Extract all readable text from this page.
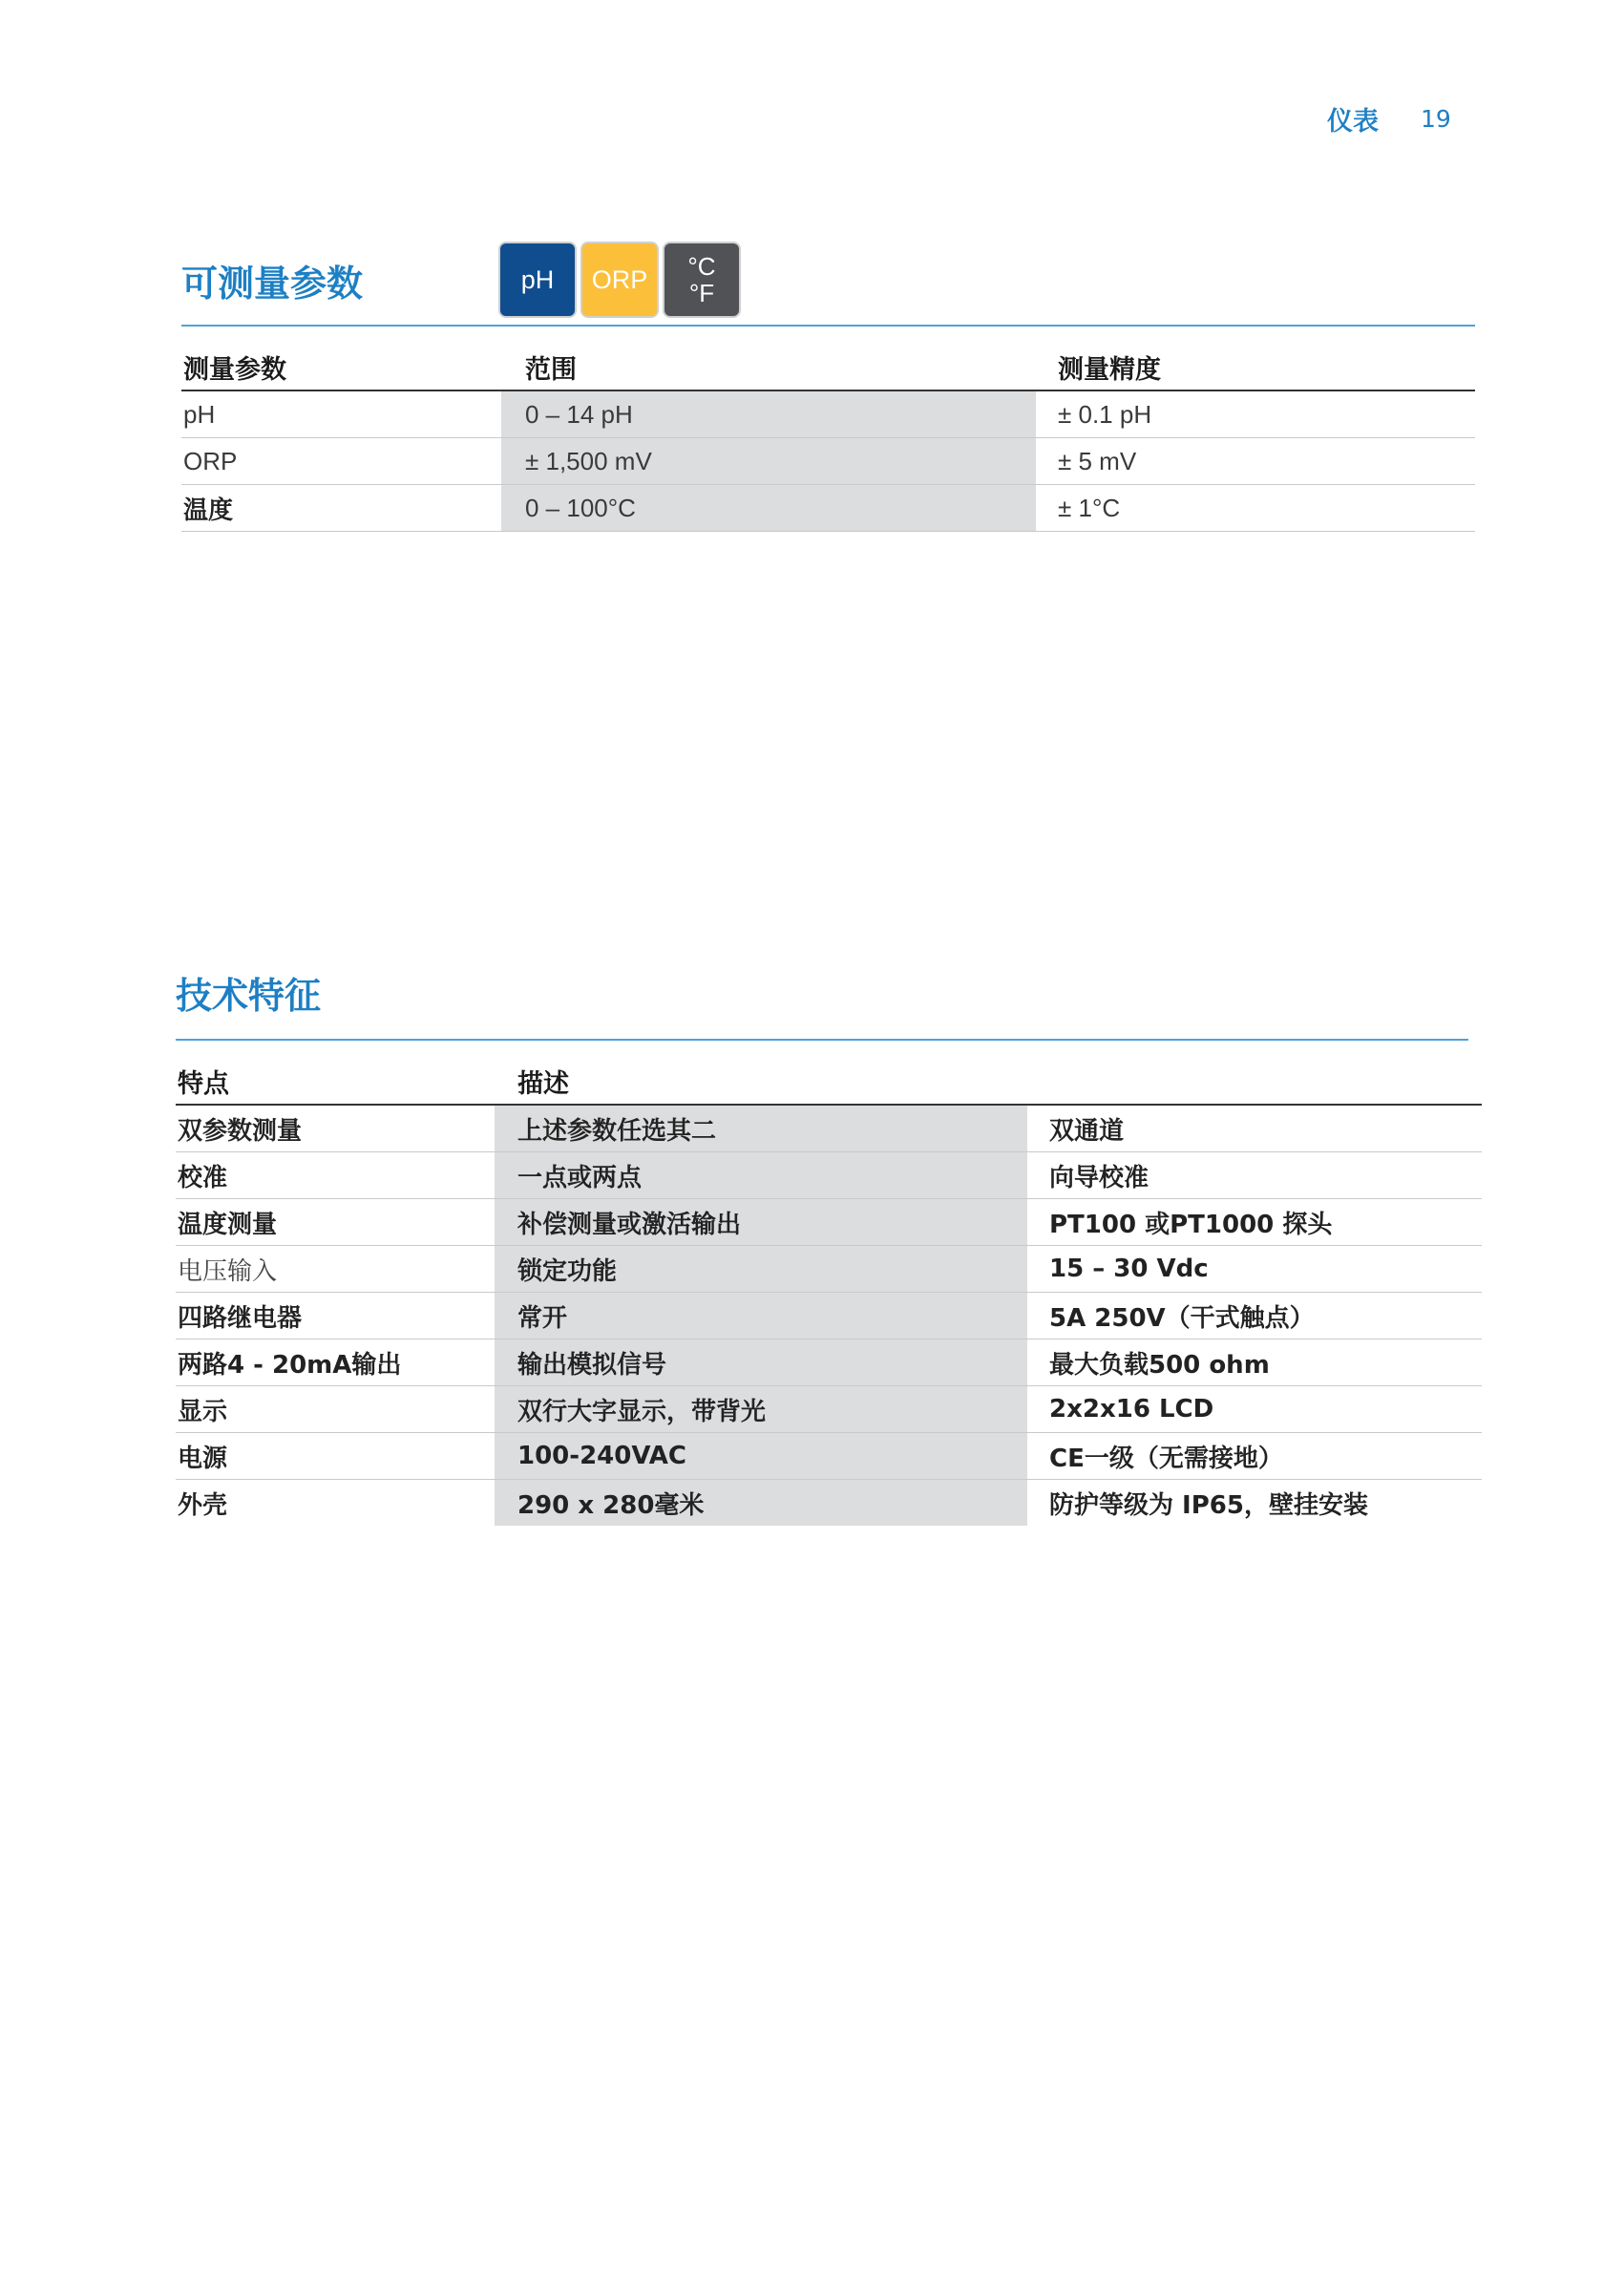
仪表 19
可测量参数	pH	ORP	°C
°F
测量参数	范围	测量精度
pH	0 – 14 pH	± 0.1 pH
ORP	± 1,500 mV	± 5 mV
温度	0 – 100°C	± 1°C
技术特征
特点	描述
双参数测量	上述参数任选其二	双通道
校准	一点或两点	向导校准
温度测量	补偿测量或激活输出	PT100 或PT1000 探头
电压输入	锁定功能	15 – 30 Vdc
四路继电器	常开	5A 250V（干式触点）
两路4 - 20mA输出	输出模拟信号	最大负载500 ohm
显示	双行大字显示，带背光	2x2x16 LCD
电源	100-240VAC	CE一级（无需接地）
外壳	290 x 280毫米	防护等级为 IP65，壁挂安装
